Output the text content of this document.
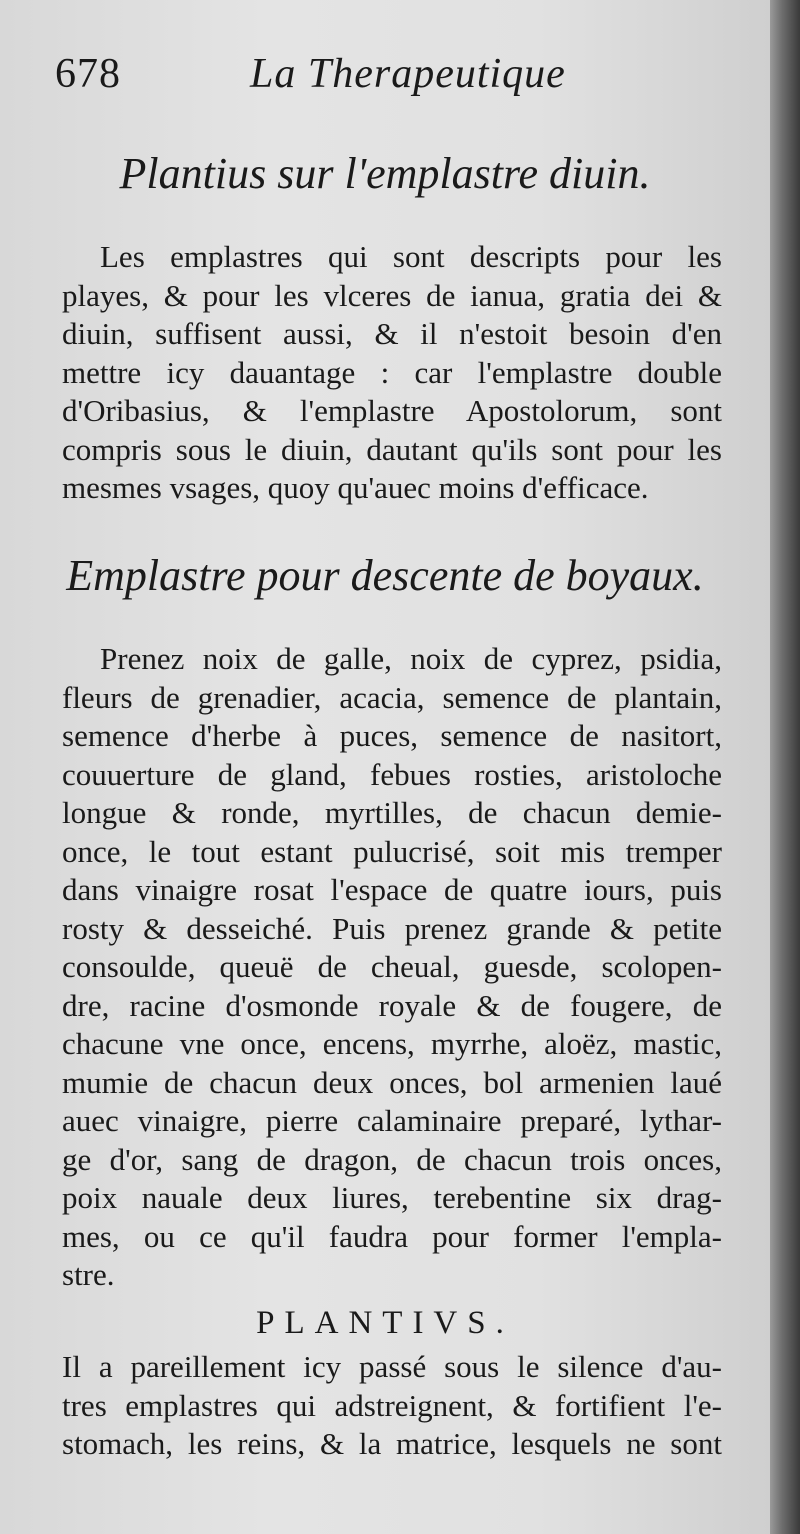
678	La Therapeutique
Plantius sur l'emplastre diuin.
Les emplastres qui sont descripts pour les
playes, & pour les vlceres de ianua, gratia dei &
diuin, suffisent aussi, & il n'estoit besoin d'en
mettre icy dauantage : car l'emplastre double
d'Oribasius, & l'emplastre Apostolorum, sont
compris sous le diuin, dautant qu'ils sont pour les
mesmes vsages, quoy qu'auec moins d'efficace.
Emplastre pour descente de boyaux.
Prenez noix de galle, noix de cyprez, psidia,
fleurs de grenadier, acacia, semence de plantain,
semence d'herbe à puces, semence de nasitort,
couuerture de gland, febues rosties, aristoloche
longue & ronde, myrtilles, de chacun demie-
once, le tout estant pulucrisé, soit mis tremper
dans vinaigre rosat l'espace de quatre iours, puis
rosty & desseiché. Puis prenez grande & petite
consoulde, queuë de cheual, guesde, scolopen-
dre, racine d'osmonde royale & de fougere, de
chacune vne once, encens, myrrhe, aloëz, mastic,
mumie de chacun deux onces, bol armenien laué
auec vinaigre, pierre calaminaire preparé, lythar-
ge d'or, sang de dragon, de chacun trois onces,
poix nauale deux liures, terebentine six drag-
mes, ou ce qu'il faudra pour former l'empla-
stre.
PLANTIVS.
Il a pareillement icy passé sous le silence d'au-
tres emplastres qui adstreignent, & fortifient l'e-
stomach, les reins, & la matrice, lesquels ne sont
